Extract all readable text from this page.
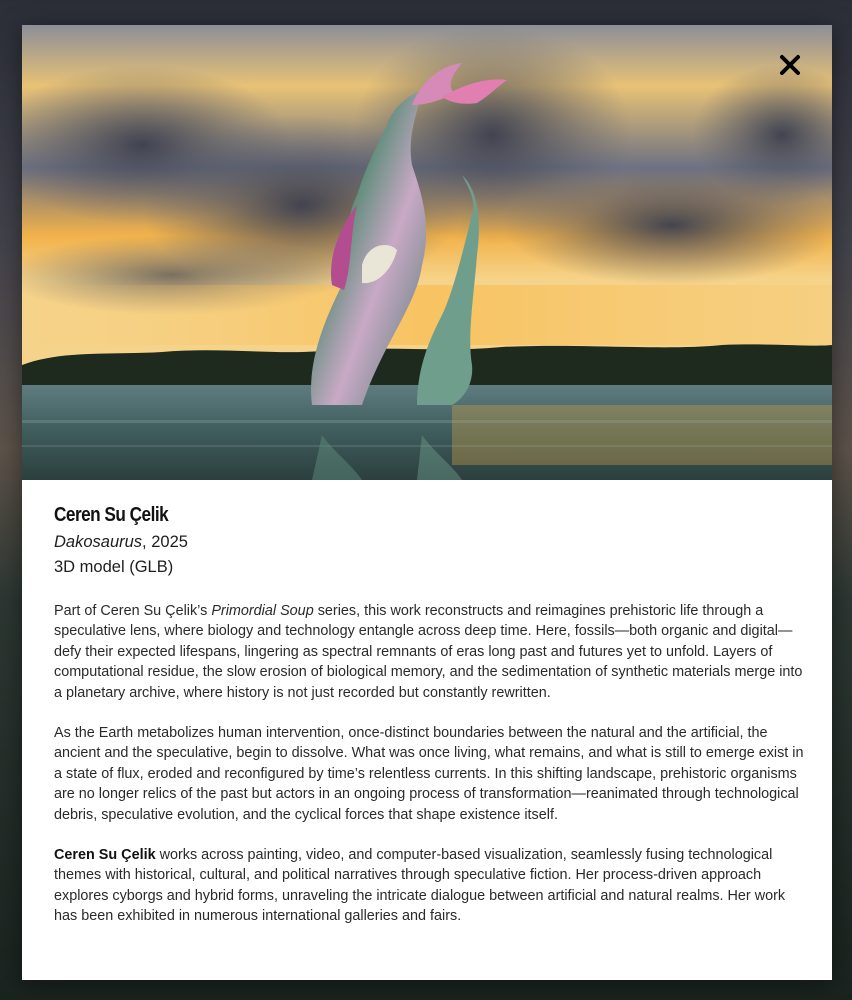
Ceren Su Çelik
Dakosaurus, 2025
3D model (GLB)

Part of Ceren Su Çelik’s Primordial Soup series, this work reconstructs and reimagines prehistoric life through a speculative lens, where biology and technology entangle across deep time. Here, fossils—both organic and digital—defy their expected lifespans, lingering as spectral remnants of eras long past and futures yet to unfold. Layers of computational residue, the slow erosion of biological memory, and the sedimentation of synthetic materials merge into a planetary archive, where history is not just recorded but constantly rewritten.

As the Earth metabolizes human intervention, once-distinct boundaries between the natural and the artificial, the ancient and the speculative, begin to dissolve. What was once living, what remains, and what is still to emerge exist in a state of flux, eroded and reconfigured by time’s relentless currents. In this shifting landscape, prehistoric organisms are no longer relics of the past but actors in an ongoing process of transformation—reanimated through technological debris, speculative evolution, and the cyclical forces that shape existence itself.

Ceren Su Çelik works across painting, video, and computer-based visualization, seamlessly fusing technological themes with historical, cultural, and political narratives through speculative fiction. Her process-driven approach explores cyborgs and hybrid forms, unraveling the intricate dialogue between artificial and natural realms. Her work has been exhibited in numerous international galleries and fairs.
